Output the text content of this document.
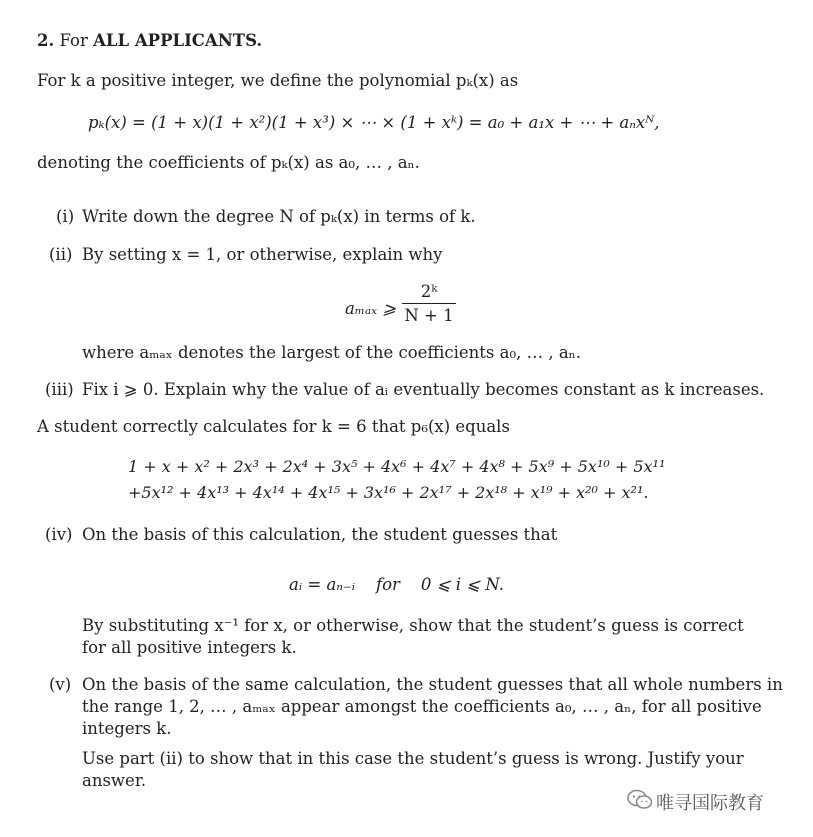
2. For ALL APPLICANTS.
For k a positive integer, we define the polynomial pₖ(x) as
pₖ(x) = (1 + x)(1 + x²)(1 + x³) × ⋯ × (1 + xᵏ) = a₀ + a₁x + ⋯ + aₙxᴺ,
denoting the coefficients of pₖ(x) as a₀, … , aₙ.
(i) Write down the degree N of pₖ(x) in terms of k.
(ii) By setting x = 1, or otherwise, explain why
aₘₐₓ ⩾
2ᵏ
N + 1
where aₘₐₓ denotes the largest of the coefficients a₀, … , aₙ.
(iii) Fix i ⩾ 0. Explain why the value of aᵢ eventually becomes constant as k increases.
A student correctly calculates for k = 6 that p₆(x) equals
1 + x + x² + 2x³ + 2x⁴ + 3x⁵ + 4x⁶ + 4x⁷ + 4x⁸ + 5x⁹ + 5x¹⁰ + 5x¹¹
+5x¹² + 4x¹³ + 4x¹⁴ + 4x¹⁵ + 3x¹⁶ + 2x¹⁷ + 2x¹⁸ + x¹⁹ + x²⁰ + x²¹.
(iv) On the basis of this calculation, the student guesses that
aᵢ = aₙ₋ᵢ    for    0 ⩽ i ⩽ N.
By substituting x⁻¹ for x, or otherwise, show that the student’s guess is correct
for all positive integers k.
(v) On the basis of the same calculation, the student guesses that all whole numbers in
the range 1, 2, … , aₘₐₓ appear amongst the coefficients a₀, … , aₙ, for all positive
integers k.
Use part (ii) to show that in this case the student’s guess is wrong. Justify your
answer.
唯寻国际教育
